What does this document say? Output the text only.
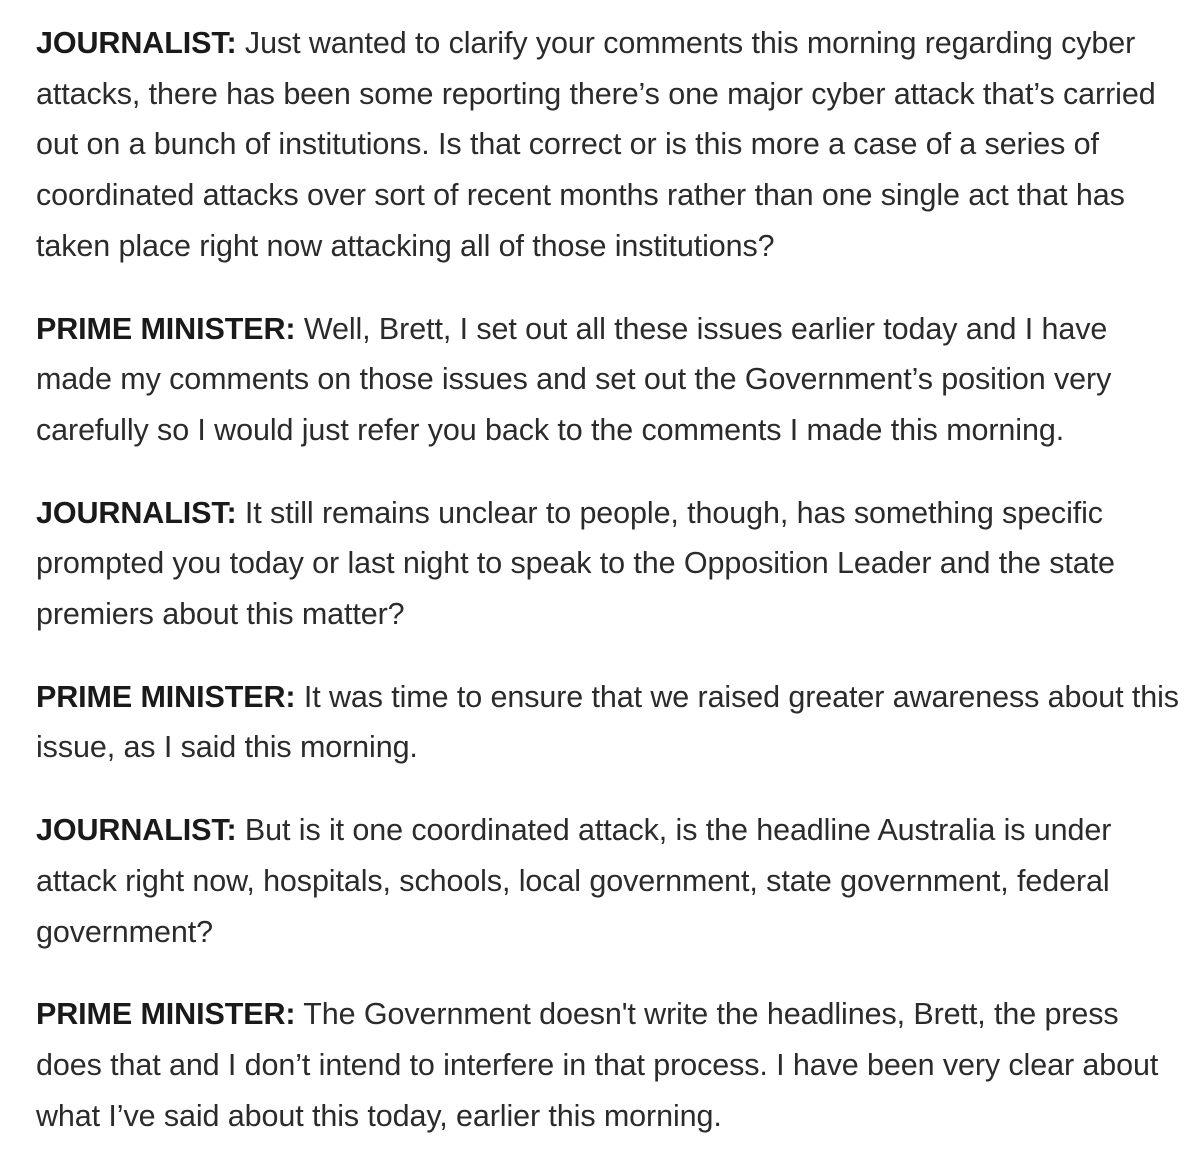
JOURNALIST: Just wanted to clarify your comments this morning regarding cyber attacks, there has been some reporting there’s one major cyber attack that’s carried out on a bunch of institutions. Is that correct or is this more a case of a series of coordinated attacks over sort of recent months rather than one single act that has taken place right now attacking all of those institutions?

PRIME MINISTER: Well, Brett, I set out all these issues earlier today and I have made my comments on those issues and set out the Government’s position very carefully so I would just refer you back to the comments I made this morning.

JOURNALIST: It still remains unclear to people, though, has something specific prompted you today or last night to speak to the Opposition Leader and the state premiers about this matter?

PRIME MINISTER: It was time to ensure that we raised greater awareness about this issue, as I said this morning.

JOURNALIST: But is it one coordinated attack, is the headline Australia is under attack right now, hospitals, schools, local government, state government, federal government?

PRIME MINISTER: The Government doesn't write the headlines, Brett, the press does that and I don’t intend to interfere in that process. I have been very clear about what I’ve said about this today, earlier this morning.
